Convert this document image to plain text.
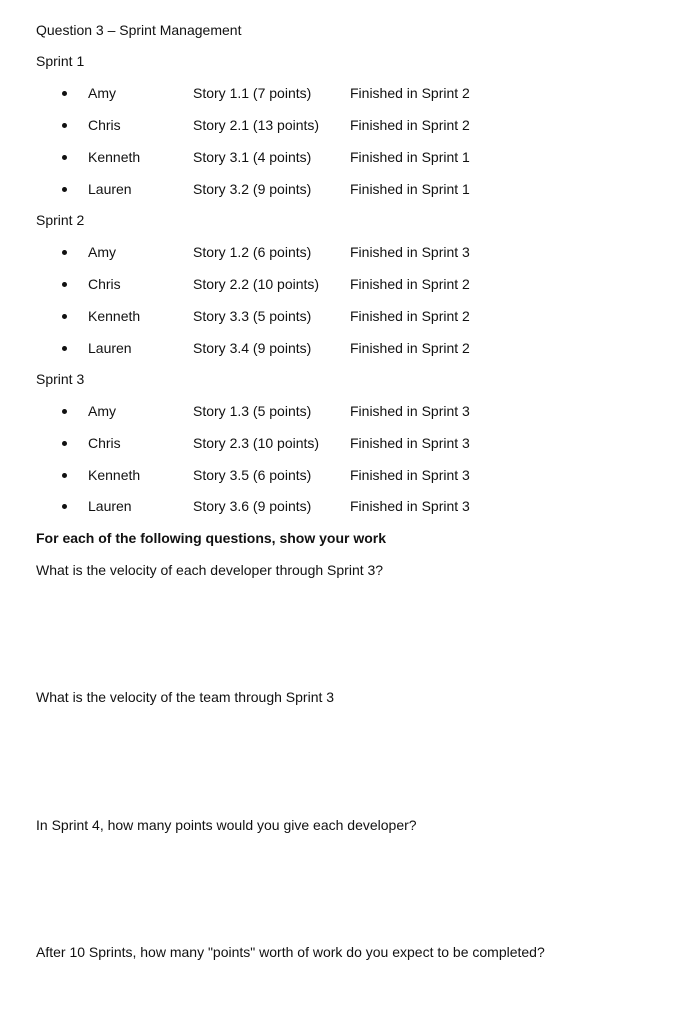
Question 3 – Sprint Management
Sprint 1
Amy	Story 1.1 (7 points)	Finished in Sprint 2
Chris	Story 2.1 (13 points) Finished in Sprint 2
Kenneth	Story 3.1 (4 points)	Finished in Sprint 1
Lauren	Story 3.2 (9 points)	Finished in Sprint 1
Sprint 2
Amy	Story 1.2 (6 points)	Finished in Sprint 3
Chris	Story 2.2 (10 points) Finished in Sprint 2
Kenneth	Story 3.3 (5 points)	Finished in Sprint 2
Lauren	Story 3.4 (9 points)	Finished in Sprint 2
Sprint 3
Amy	Story 1.3 (5 points)	Finished in Sprint 3
Chris	Story 2.3 (10 points) Finished in Sprint 3
Kenneth	Story 3.5 (6 points)	Finished in Sprint 3
Lauren	Story 3.6 (9 points)	Finished in Sprint 3
For each of the following questions, show your work
What is the velocity of each developer through Sprint 3?
What is the velocity of the team through Sprint 3
In Sprint 4, how many points would you give each developer?
After 10 Sprints, how many "points" worth of work do you expect to be completed?
